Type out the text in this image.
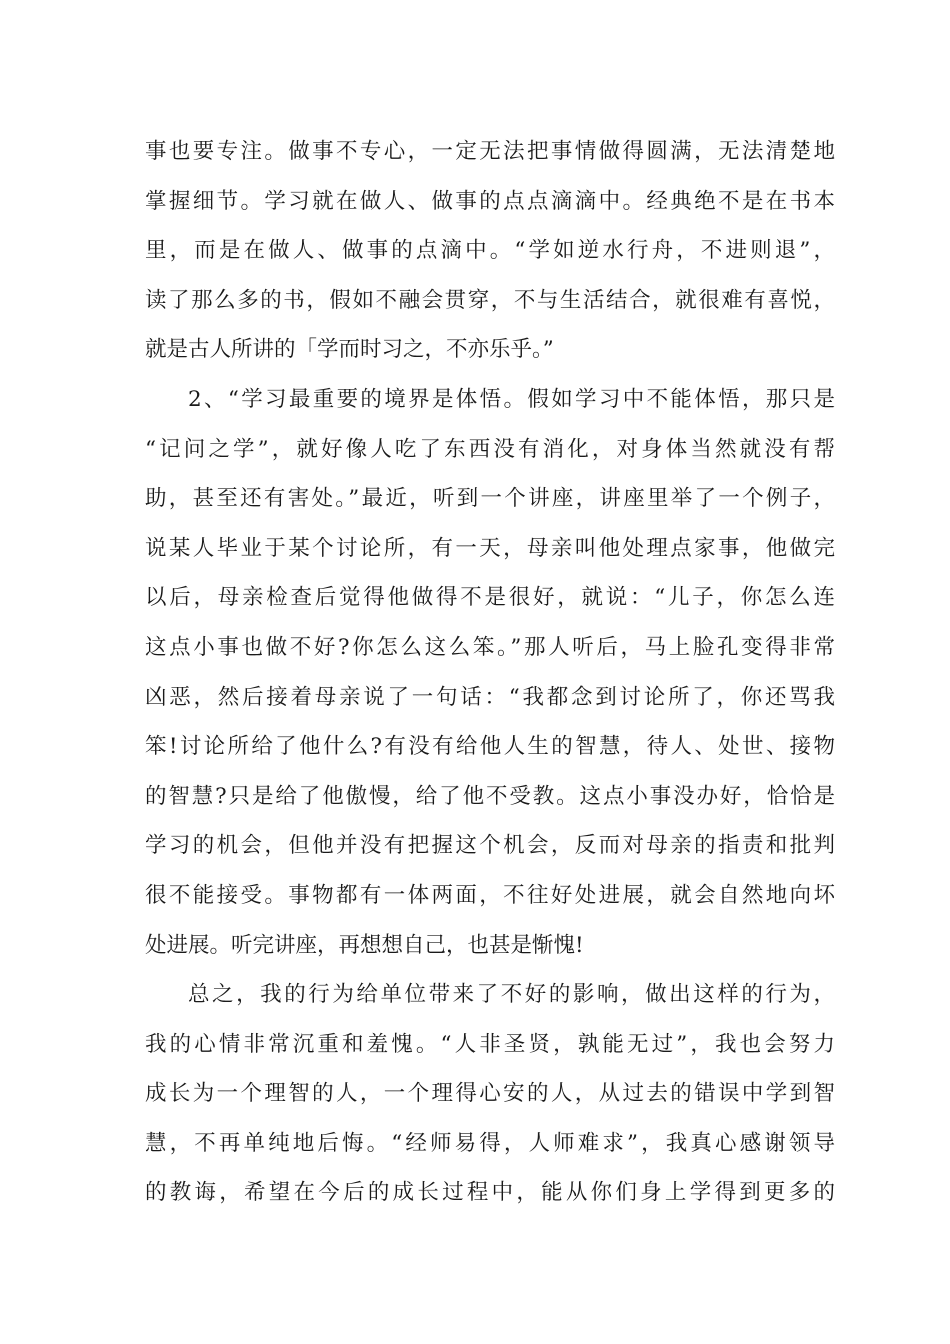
事也要专注。做事不专心，一定无法把事情做得圆满，无法清楚地
掌握细节。学习就在做人、做事的点点滴滴中。经典绝不是在书本
里，而是在做人、做事的点滴中。“学如逆水行舟，不进则退”，
读了那么多的书，假如不融会贯穿，不与生活结合，就很难有喜悦，
就是古人所讲的「学而时习之，不亦乐乎。”
2、“学习最重要的境界是体悟。假如学习中不能体悟，那只是
“记问之学”，就好像人吃了东西没有消化，对身体当然就没有帮
助，甚至还有害处。”最近，听到一个讲座，讲座里举了一个例子，
说某人毕业于某个讨论所，有一天，母亲叫他处理点家事，他做完
以后，母亲检查后觉得他做得不是很好，就说：“儿子，你怎么连
这点小事也做不好?你怎么这么笨。”那人听后，马上脸孔变得非常
凶恶，然后接着母亲说了一句话：“我都念到讨论所了，你还骂我
笨!讨论所给了他什么?有没有给他人生的智慧，待人、处世、接物
的智慧?只是给了他傲慢，给了他不受教。这点小事没办好，恰恰是
学习的机会，但他并没有把握这个机会，反而对母亲的指责和批判
很不能接受。事物都有一体两面，不往好处进展，就会自然地向坏
处进展。听完讲座，再想想自己，也甚是惭愧!
总之，我的行为给单位带来了不好的影响，做出这样的行为，
我的心情非常沉重和羞愧。“人非圣贤，孰能无过”，我也会努力
成长为一个理智的人，一个理得心安的人，从过去的错误中学到智
慧，不再单纯地后悔。“经师易得，人师难求”，我真心感谢领导
的教诲，希望在今后的成长过程中，能从你们身上学得到更多的
